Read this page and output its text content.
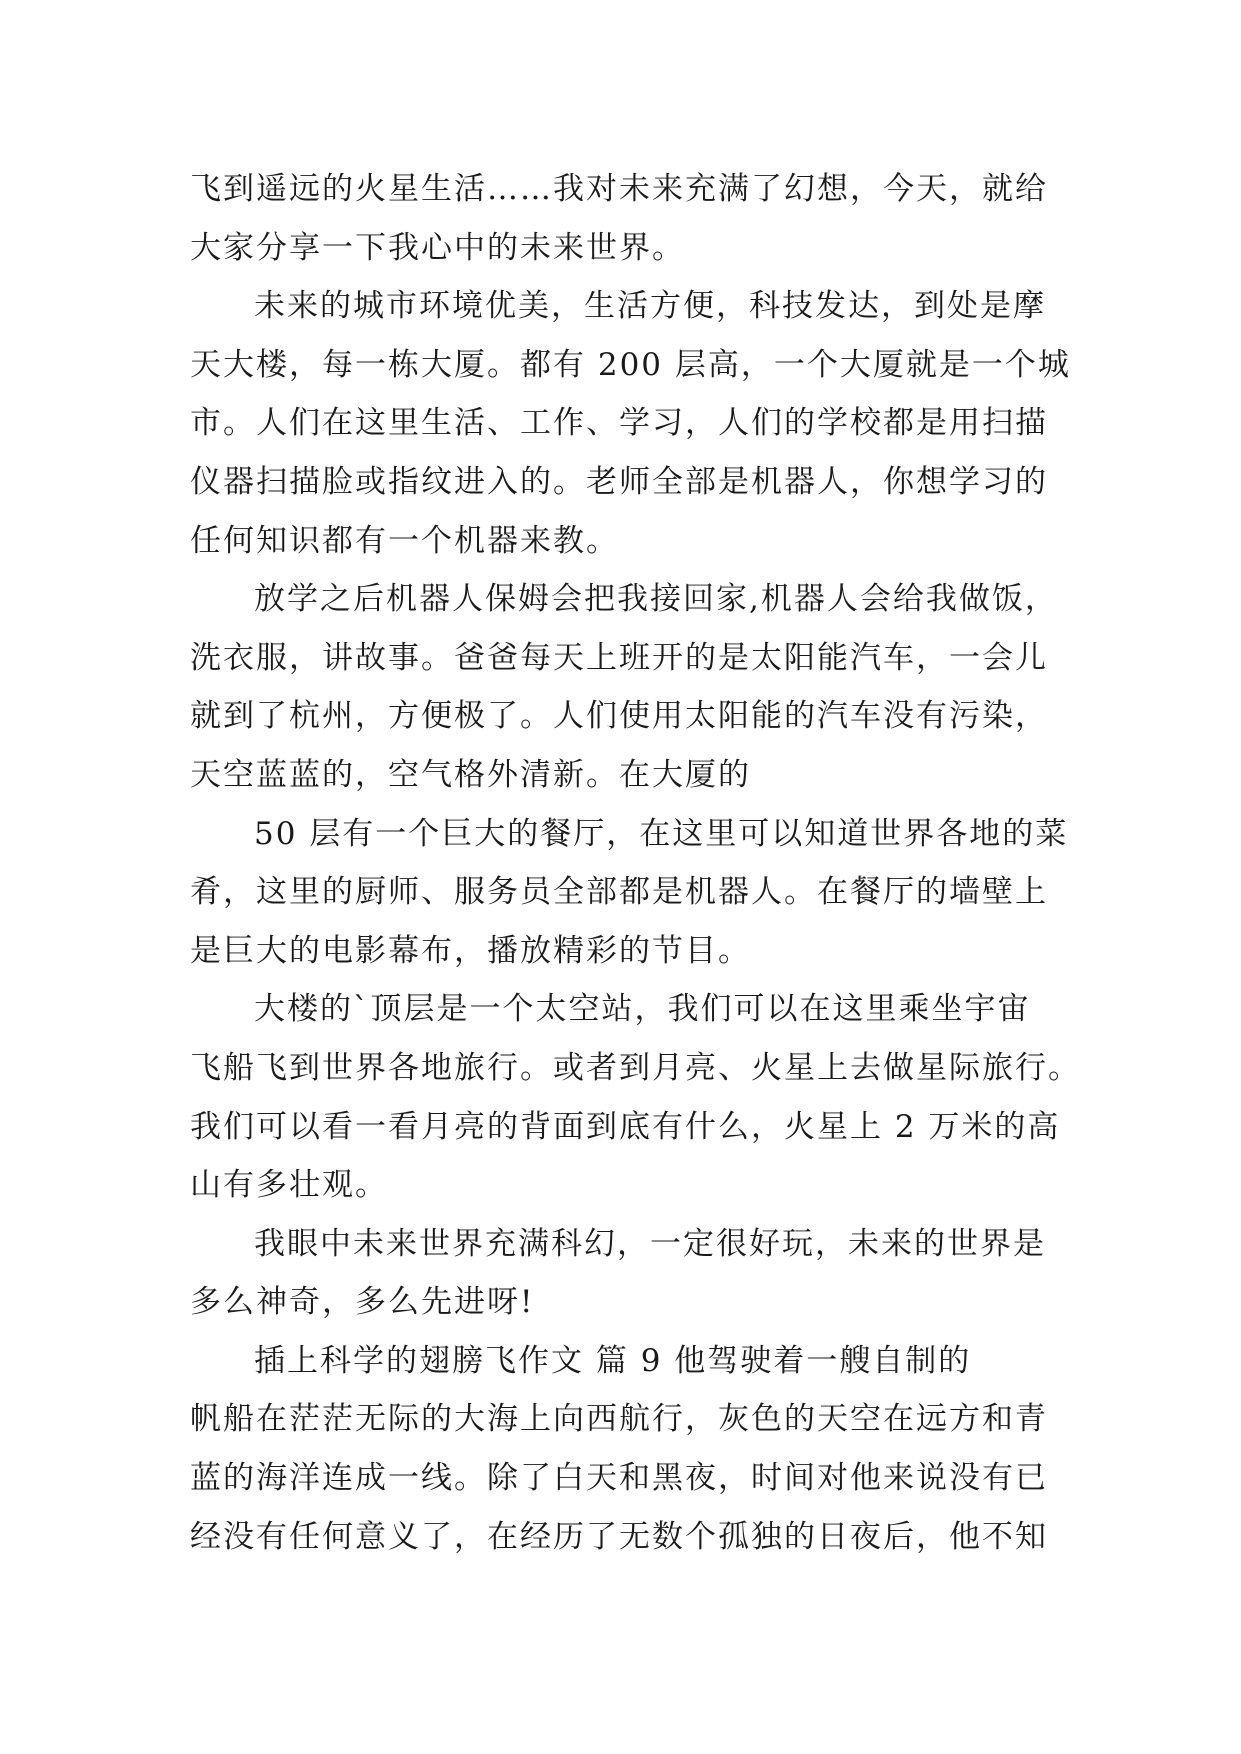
飞到遥远的火星生活……我对未来充满了幻想，今天，就给
大家分享一下我心中的未来世界。
未来的城市环境优美，生活方便，科技发达，到处是摩
天大楼，每一栋大厦。都有 200 层高，一个大厦就是一个城
市。人们在这里生活、工作、学习，人们的学校都是用扫描
仪器扫描脸或指纹进入的。老师全部是机器人，你想学习的
任何知识都有一个机器来教。
放学之后机器人保姆会把我接回家,机器人会给我做饭，
洗衣服，讲故事。爸爸每天上班开的是太阳能汽车，一会儿
就到了杭州，方便极了。人们使用太阳能的汽车没有污染，
天空蓝蓝的，空气格外清新。在大厦的
50 层有一个巨大的餐厅，在这里可以知道世界各地的菜
肴，这里的厨师、服务员全部都是机器人。在餐厅的墙壁上
是巨大的电影幕布，播放精彩的节目。
大楼的`顶层是一个太空站，我们可以在这里乘坐宇宙
飞船飞到世界各地旅行。或者到月亮、火星上去做星际旅行。
我们可以看一看月亮的背面到底有什么，火星上 2 万米的高
山有多壮观。
我眼中未来世界充满科幻，一定很好玩，未来的世界是
多么神奇，多么先进呀!
插上科学的翅膀飞作文 篇 9 他驾驶着一艘自制的
帆船在茫茫无际的大海上向西航行，灰色的天空在远方和青
蓝的海洋连成一线。除了白天和黑夜，时间对他来说没有已
经没有任何意义了，在经历了无数个孤独的日夜后，他不知
